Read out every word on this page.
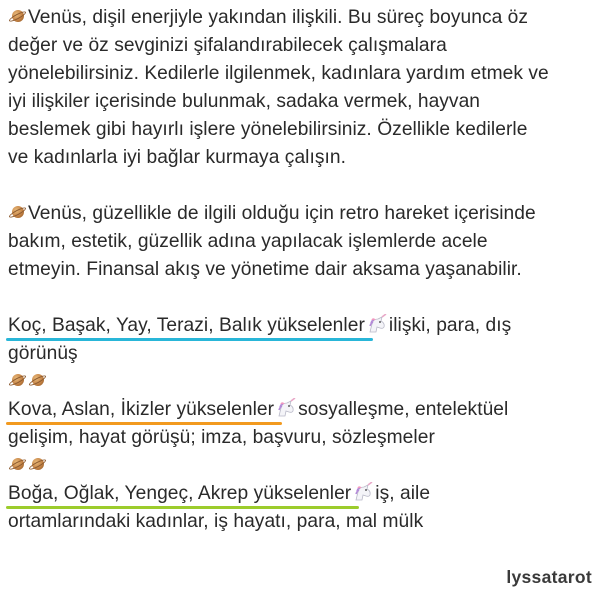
Venüs, dişil enerjiyle yakından ilişkili. Bu süreç boyunca öz
değer ve öz sevginizi şifalandırabilecek çalışmalara
yönelebilirsiniz. Kedilerle ilgilenmek, kadınlara yardım etmek ve
iyi ilişkiler içerisinde bulunmak, sadaka vermek, hayvan
beslemek gibi hayırlı işlere yönelebilirsiniz. Özellikle kedilerle
ve kadınlarla iyi bağlar kurmaya çalışın.
Venüs, güzellikle de ilgili olduğu için retro hareket içerisinde
bakım, estetik, güzellik adına yapılacak işlemlerde acele
etmeyin. Finansal akış ve yönetime dair aksama yaşanabilir.
Koç, Başak, Yay, Terazi, Balık yükselenler ilişki, para, dış
görünüş
Kova, Aslan, İkizler yükselenler sosyalleşme, entelektüel
gelişim, hayat görüşü; imza, başvuru, sözleşmeler
Boğa, Oğlak, Yengeç, Akrep yükselenler iş, aile
ortamlarındaki kadınlar, iş hayatı, para, mal mülk
lyssatarot
